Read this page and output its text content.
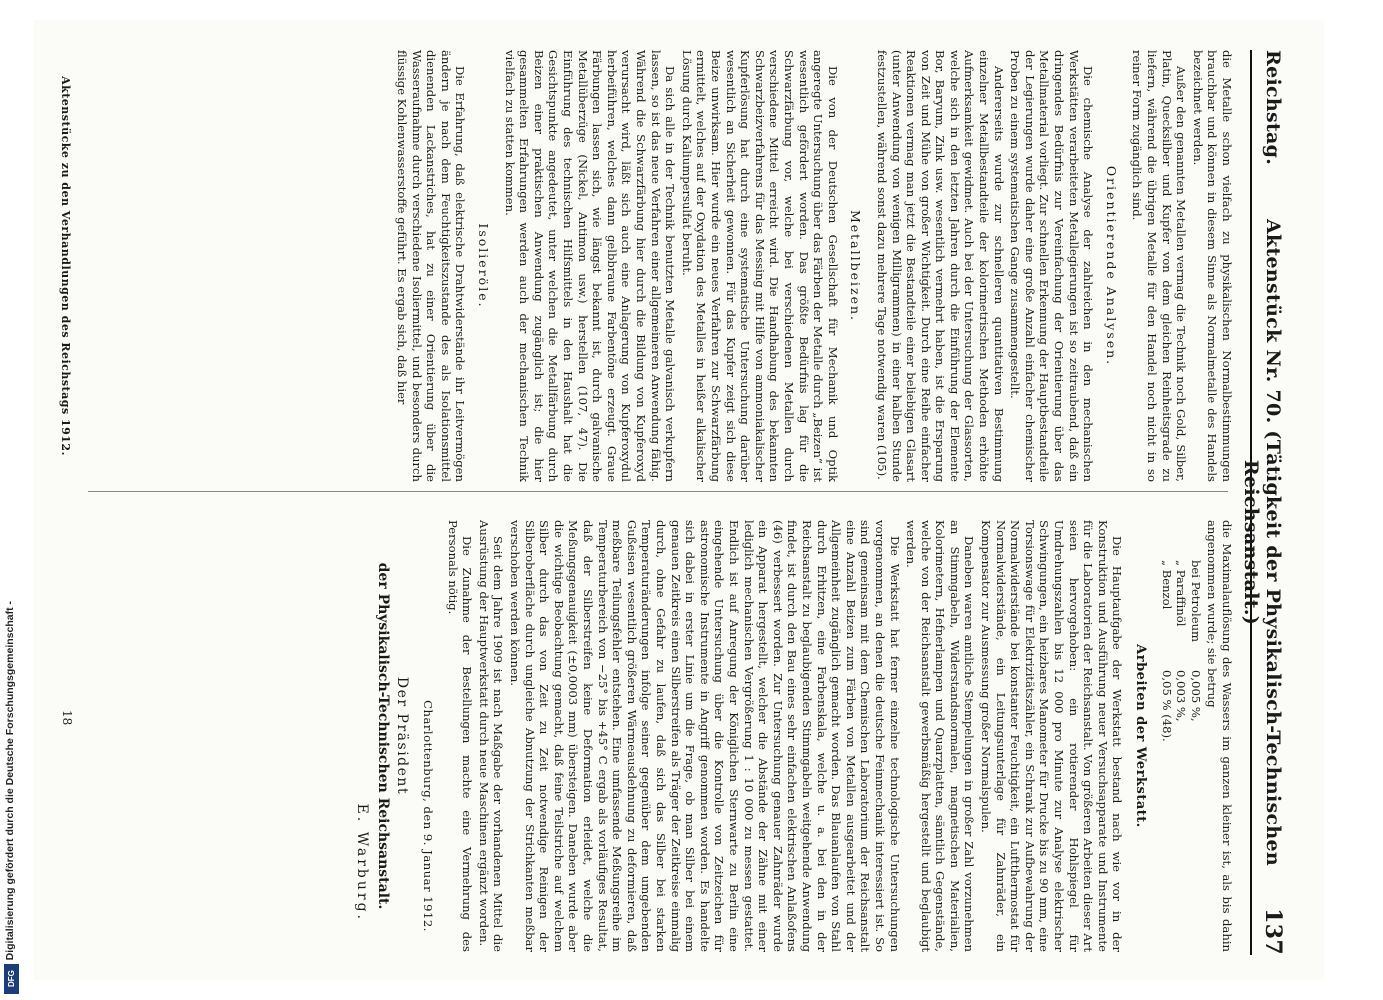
Reichstag.
Aktenstück Nr. 70. (Tätigkeit der Physikalisch-Technischen Reichsanstalt.)
137

die Metalle schon vielfach zu physikalischen Normalbestimmungen brauchbar und können in diesem Sinne als Normalmetalle des Handels bezeichnet werden.

Außer den genannten Metallen vermag die Technik noch Gold, Silber, Platin, Quecksilber und Kupfer von dem gleichen Reinheitsgrade zu liefern, während die übrigen Metalle für den Handel noch nicht in so reiner Form zugänglich sind.

Orientierende Analysen.

Die chemische Analyse der zahlreichen in den mechanischen Werkstätten verarbeiteten Metallegierungen ist so zeitraubend, daß ein dringendes Bedürfnis zur Vereinfachung der Orientierung über das Metallmaterial vorliegt. Zur schnellen Erkennung der Hauptbestandteile der Legierungen wurde daher eine große Anzahl einfacher chemischer Proben zu einem systematischen Gange zusammengestellt.

Andererseits wurde zur schnelleren quantitativen Bestimmung einzelner Metallbestandteile der kolorimetrischen Methoden erhöhte Aufmerksamkeit gewidmet. Auch bei der Untersuchung der Glassorten, welche sich in den letzten Jahren durch die Einführung der Elemente Bor, Baryum, Zink usw. wesentlich vermehrt haben, ist die Ersparung von Zeit und Mühe von großer Wichtigkeit. Durch eine Reihe einfacher Reaktionen vermag man jetzt die Bestandteile einer beliebigen Glasart (unter Anwendung von wenigen Milligrammen) in einer halben Stunde festzustellen, während sonst dazu mehrere Tage notwendig waren (105).

Metallbeizen.

Die von der Deutschen Gesellschaft für Mechanik und Optik angeregte Untersuchung über das Färben der Metalle durch „Beizen“ ist wesentlich gefördert worden. Das größte Bedürfnis lag für die Schwarzfärbung vor, welche bei verschiedenen Metallen durch verschiedene Mittel erreicht wird. Die Handhabung des bekannten Schwarzbeizverfahrens für das Messing mit Hilfe von ammoniakalischer Kupferlösung hat durch eine systematische Untersuchung darüber wesentlich an Sicherheit gewonnen. Für das Kupfer zeigt sich diese Beize unwirksam. Hier wurde ein neues Verfahren zur Schwarzfärbung ermittelt, welches auf der Oxydation des Metalles in heißer alkalischer Lösung durch Kaliumpersulfat beruht.

Da sich alle in der Technik benutzten Metalle galvanisch verkupfern lassen, so ist das neue Verfahren einer allgemeineren Anwendung fähig. Während die Schwarzfärbung hier durch die Bildung von Kupferoxyd verursacht wird, läßt sich auch eine Anlagerung von Kupferoxydul herbeiführen, welches dann gelbbraune Farbentöne erzeugt. Graue Färbungen lassen sich, wie längst bekannt ist, durch galvanische Metallüberzüge (Nickel, Antimon usw.) herstellen (107, 47). Die Einführung des technischen Hilfsmittels in den Haushalt hat die Gesichtspunkte angedeutet, unter welchen die Metallfärbung durch Beizen einer praktischen Anwendung zugänglich ist; die hier gesammelten Erfahrungen werden auch der mechanischen Technik vielfach zu statten kommen.

Isolieröle.

Die Erfahrung, daß elektrische Drahtwiderstände ihr Leitvermögen ändern je nach dem Feuchtigkeitszustande des als Isolationsmittel dienenden Lackanstriches, hat zu einer Orientierung über die Wasseraufnahme durch verschiedene Isoliermittel, und besonders durch flüssige Kohlenwasserstoffe geführt. Es ergab sich, daß hier

die Maximalauflösung des Wassers im ganzen kleiner ist, als bis dahin angenommen wurde; sie betrug

bei Petroleum
0,005 %,
„ Paraffinöl
0,003 %,
„ Benzol
0,05 % (48).
Arbeiten der Werkstatt.

Die Hauptaufgabe der Werkstatt bestand nach wie vor in der Konstruktion und Ausführung neuer Versuchsapparate und Instrumente für die Laboratorien der Reichsanstalt. Von größeren Arbeiten dieser Art seien hervorgehoben: ein rotierender Hohlspiegel für Umdrehungszahlen bis 12 000 pro Minute zur Analyse elektrischer Schwingungen, ein heizbares Manometer für Drucke bis zu 90 mm, eine Torsionswage für Elektrizitätszähler, ein Schrank zur Aufbewahrung der Normalwiderstände bei konstanter Feuchtigkeit, ein Luftthermostat für Normalwiderstände, ein Leitungsunterlage für Zahnräder, ein Kompensator zur Ausmessung großer Normalspulen.

Daneben waren amtliche Stempelungen in großer Zahl vorzunehmen an Stimmgabeln, Widerstandsnormalen, magnetischen Materialien, Kolorimetern, Hefnerlampen und Quarzplatten, sämtlich Gegenstände, welche von der Reichsanstalt gewerbsmäßig hergestellt und beglaubigt werden.

Die Werkstatt hat ferner einzelne technologische Untersuchungen vorgenommen, an denen die deutsche Feinmechanik interessiert ist. So sind gemeinsam mit dem Chemischen Laboratorium der Reichsanstalt eine Anzahl Beizen zum Färben von Metallen ausgearbeitet und der Allgemeinheit zugänglich gemacht worden. Das Blauanlaufen von Stahl durch Erhitzen, eine Farbenskala, welche u. a. bei den in der Reichsanstalt zu beglaubigenden Stimmgabeln weitgehende Anwendung findet, ist durch den Bau eines sehr einfachen elektrischen Anlaßofens (46) verbessert worden. Zur Untersuchung genauer Zahnräder wurde ein Apparat hergestellt, welcher die Abstände der Zähne mit einer lediglich mechanischen Vergrößerung 1 : 10 000 zu messen gestattet. Endlich ist auf Anregung der Königlichen Sternwarte zu Berlin eine eingehende Untersuchung über die Kontrolle von Zeitzeichen für astronomische Instrumente in Angriff genommen worden. Es handelte sich dabei in erster Linie um die Frage, ob man Silber bei einem genauen Zeitkreis einen Silberstreifen als Träger der Zeitkreise einmalig durch, ohne Gefahr zu laufen, daß sich das Silber bei starken Temperaturänderungen infolge seiner gegenüber dem umgebenden Gußeisen wesentlich größeren Wärmeausdehnung zu deformieren, daß meßbare Teilungsfehler entstehen. Eine umfassende Meßungsreihe im Temperaturbereich von −25° bis +45° C ergab als vorläufiges Resultat, daß der Silberstreifen keine Deformation erleidet, welche die Meßungsgenauigkeit (±0,0003 mm) übersteigen. Daneben wurde aber die wichtige Beobachtung gemacht, daß feine Teilstriche auf welchem Silber durch das von Zeit zu Zeit notwendige Reinigen der Silberoberfläche durch ungleiche Abnutzung der Strichkanten meßbar verschoben werden können.

Seit dem Jahre 1909 ist nach Maßgabe der vorhandenen Mittel die Ausrüstung der Hauptwerkstatt durch neue Maschinen ergänzt worden.

Die Zunahme der Bestellungen machte eine Vermehrung des Personals nötig.

Charlottenburg, den 9. Januar 1912.
Der Präsident
der Physikalisch-Technischen Reichsanstalt.
E. Warburg.
Aktenstücke zu den Verhandlungen des Reichstags 1912.
18
Digitalisierung gefördert durch die Deutsche Forschungsgemeinschaft -
DFG
